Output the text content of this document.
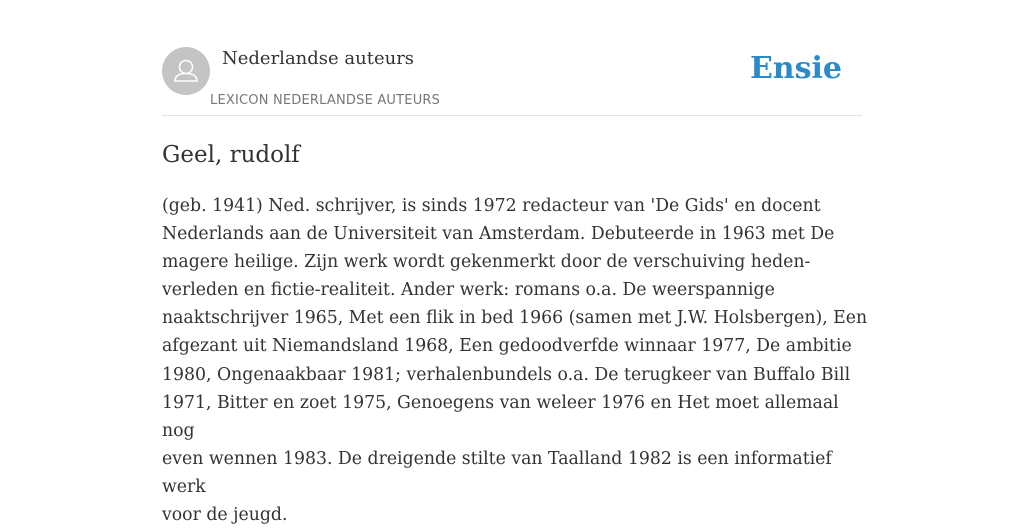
Nederlandse auteurs
LEXICON NEDERLANDSE AUTEURS
Ensie
Geel, rudolf

(geb. 1941) Ned. schrijver, is sinds 1972 redacteur van 'De Gids' en docent
Nederlands aan de Universiteit van Amsterdam. Debuteerde in 1963 met De
magere heilige. Zijn werk wordt gekenmerkt door de verschuiving heden-
verleden en fictie-realiteit. Ander werk: romans o.a. De weerspannige
naaktschrijver 1965, Met een flik in bed 1966 (samen met J.W. Holsbergen), Een
afgezant uit Niemandsland 1968, Een gedoodverfde winnaar 1977, De ambitie
1980, Ongenaakbaar 1981; verhalenbundels o.a. De terugkeer van Buffalo Bill
1971, Bitter en zoet 1975, Genoegens van weleer 1976 en Het moet allemaal nog
even wennen 1983. De dreigende stilte van Taalland 1982 is een informatief werk
voor de jeugd.
